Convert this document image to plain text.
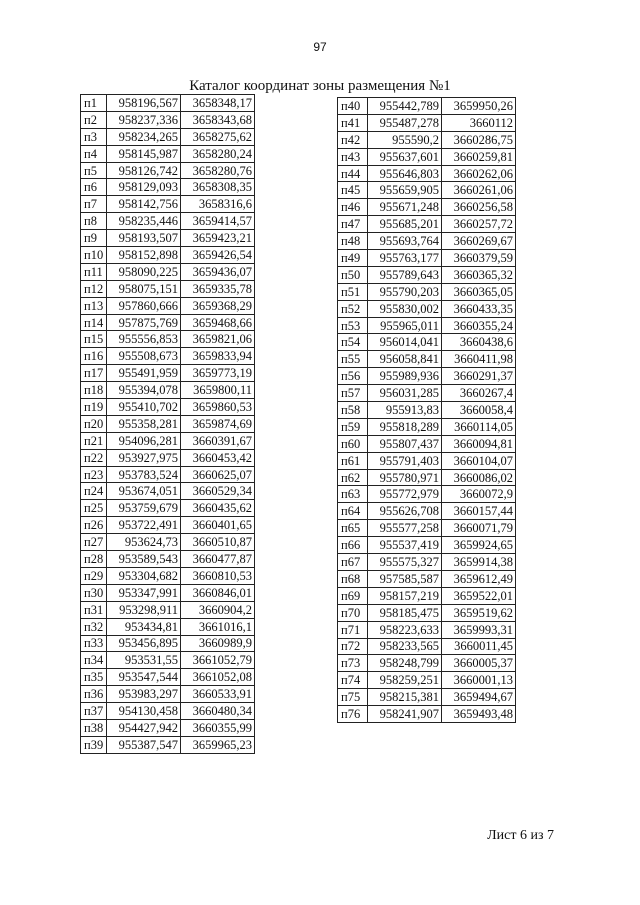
97
Каталог координат зоны размещения №1
п1	958196,567	3658348,17
п2	958237,336	3658343,68
п3	958234,265	3658275,62
п4	958145,987	3658280,24
п5	958126,742	3658280,76
п6	958129,093	3658308,35
п7	958142,756	3658316,6
п8	958235,446	3659414,57
п9	958193,507	3659423,21
п10	958152,898	3659426,54
п11	958090,225	3659436,07
п12	958075,151	3659335,78
п13	957860,666	3659368,29
п14	957875,769	3659468,66
п15	955556,853	3659821,06
п16	955508,673	3659833,94
п17	955491,959	3659773,19
п18	955394,078	3659800,11
п19	955410,702	3659860,53
п20	955358,281	3659874,69
п21	954096,281	3660391,67
п22	953927,975	3660453,42
п23	953783,524	3660625,07
п24	953674,051	3660529,34
п25	953759,679	3660435,62
п26	953722,491	3660401,65
п27	953624,73	3660510,87
п28	953589,543	3660477,87
п29	953304,682	3660810,53
п30	953347,991	3660846,01
п31	953298,911	3660904,2
п32	953434,81	3661016,1
п33	953456,895	3660989,9
п34	953531,55	3661052,79
п35	953547,544	3661052,08
п36	953983,297	3660533,91
п37	954130,458	3660480,34
п38	954427,942	3660355,99
п39	955387,547	3659965,23
п40	955442,789	3659950,26
п41	955487,278	3660112
п42	955590,2	3660286,75
п43	955637,601	3660259,81
п44	955646,803	3660262,06
п45	955659,905	3660261,06
п46	955671,248	3660256,58
п47	955685,201	3660257,72
п48	955693,764	3660269,67
п49	955763,177	3660379,59
п50	955789,643	3660365,32
п51	955790,203	3660365,05
п52	955830,002	3660433,35
п53	955965,011	3660355,24
п54	956014,041	3660438,6
п55	956058,841	3660411,98
п56	955989,936	3660291,37
п57	956031,285	3660267,4
п58	955913,83	3660058,4
п59	955818,289	3660114,05
п60	955807,437	3660094,81
п61	955791,403	3660104,07
п62	955780,971	3660086,02
п63	955772,979	3660072,9
п64	955626,708	3660157,44
п65	955577,258	3660071,79
п66	955537,419	3659924,65
п67	955575,327	3659914,38
п68	957585,587	3659612,49
п69	958157,219	3659522,01
п70	958185,475	3659519,62
п71	958223,633	3659993,31
п72	958233,565	3660011,45
п73	958248,799	3660005,37
п74	958259,251	3660001,13
п75	958215,381	3659494,67
п76	958241,907	3659493,48
Лист 6 из 7
